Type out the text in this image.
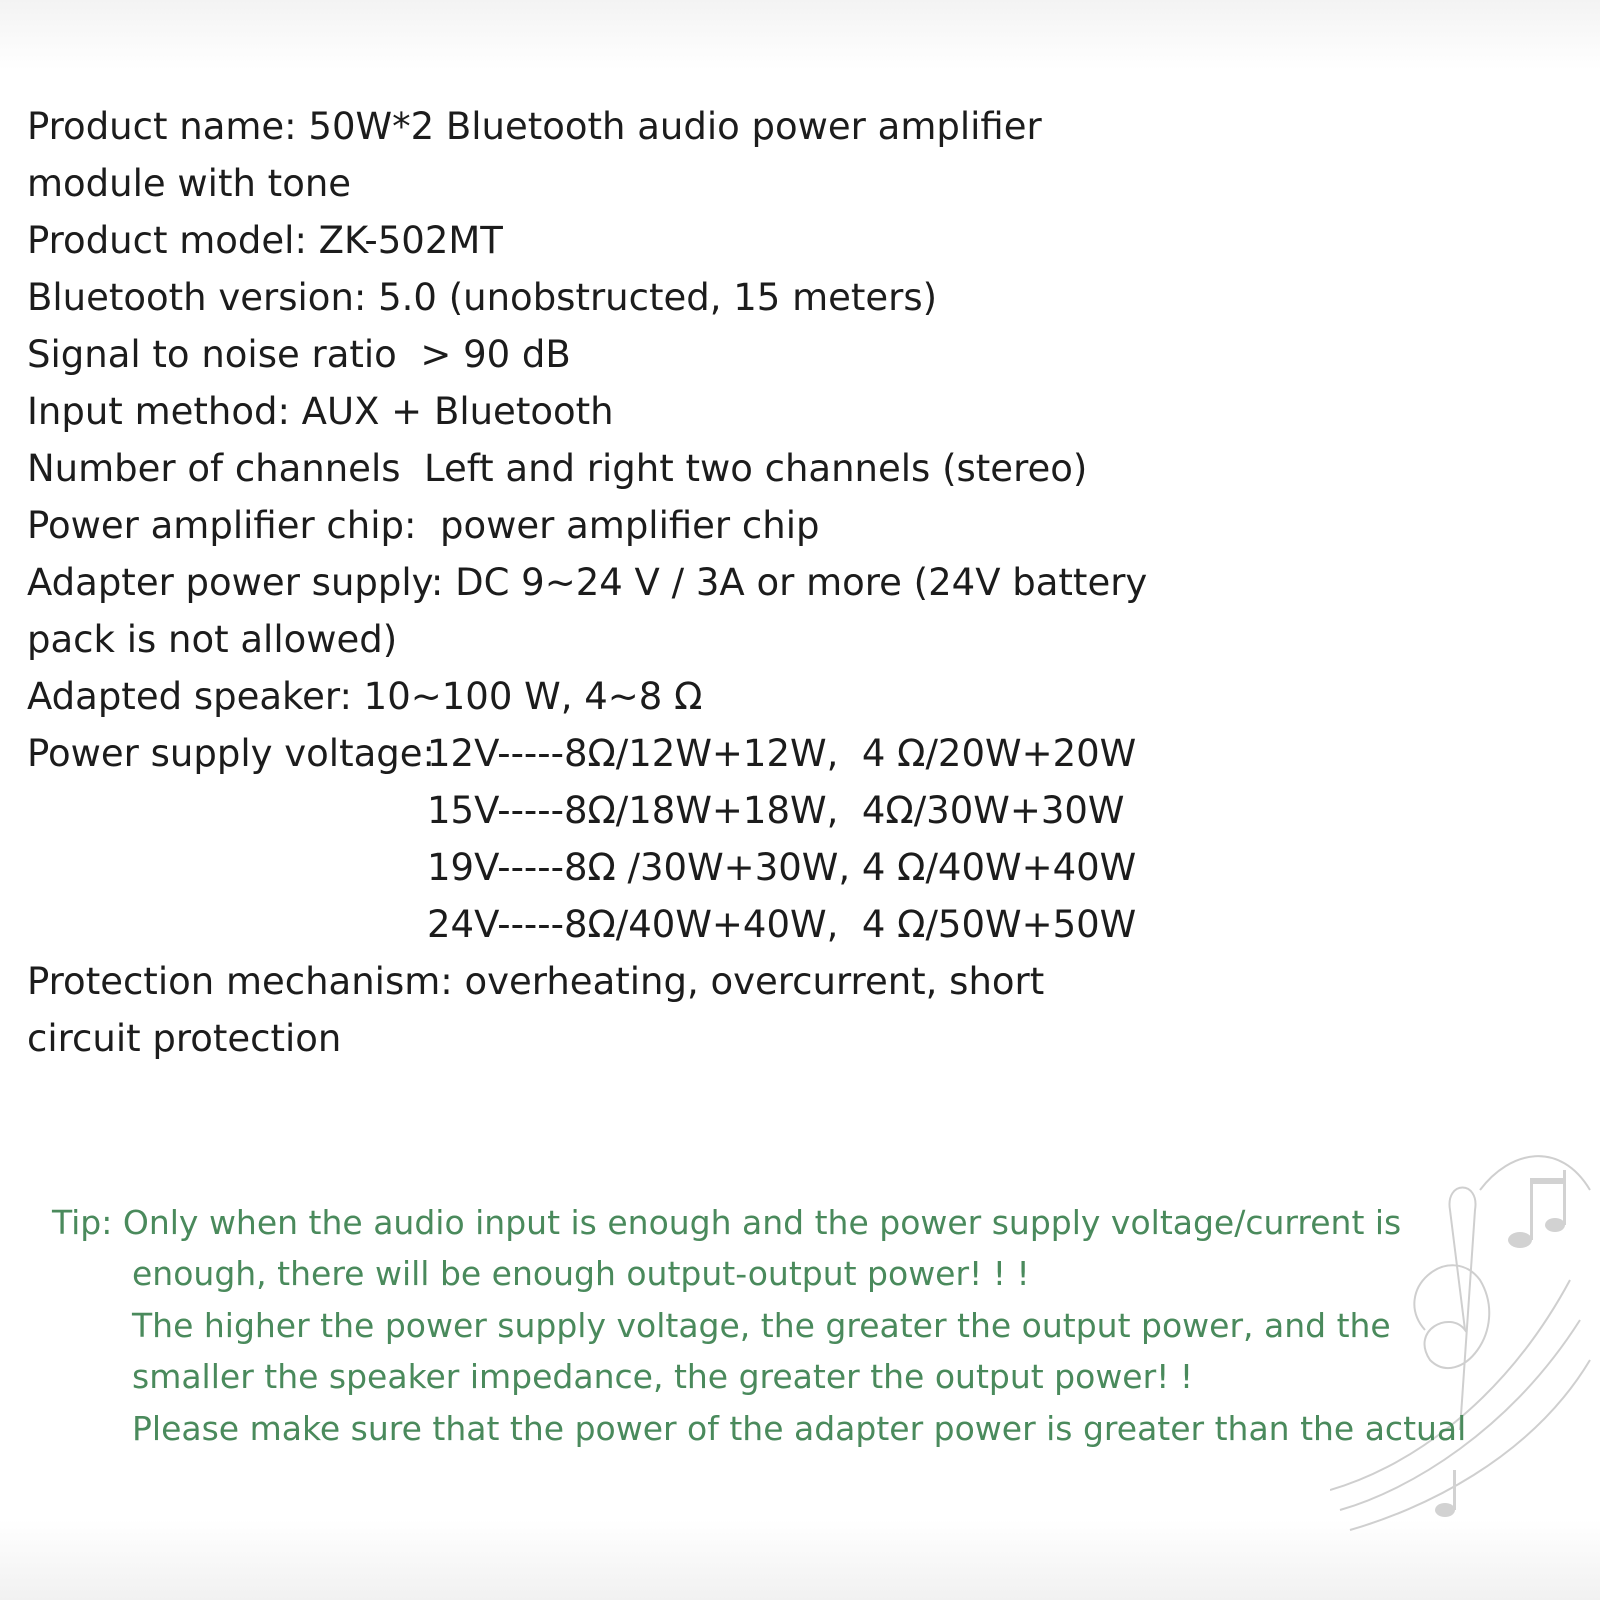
Product name: 50W*2 Bluetooth audio power amplifier
module with tone
Product model: ZK-502MT
Bluetooth version: 5.0 (unobstructed, 15 meters)
Signal to noise ratio  > 90 dB
Input method: AUX + Bluetooth
Number of channels  Left and right two channels (stereo)
Power amplifier chip:  power amplifier chip
Adapter power supply: DC 9~24 V / 3A or more (24V battery
pack is not allowed)
Adapted speaker: 10~100 W, 4~8 Ω
Power supply voltage:
12V-----8Ω/12W+12W,  4 Ω/20W+20W
15V-----8Ω/18W+18W,  4Ω/30W+30W
19V-----8Ω /30W+30W, 4 Ω/40W+40W
24V-----8Ω/40W+40W,  4 Ω/50W+50W
Protection mechanism: overheating, overcurrent, short
circuit protection
Tip: Only when the audio input is enough and the power supply voltage/current is
enough, there will be enough output-output power! ! !
The higher the power supply voltage, the greater the output power, and the
smaller the speaker impedance, the greater the output power! !
Please make sure that the power of the adapter power is greater than the actual
